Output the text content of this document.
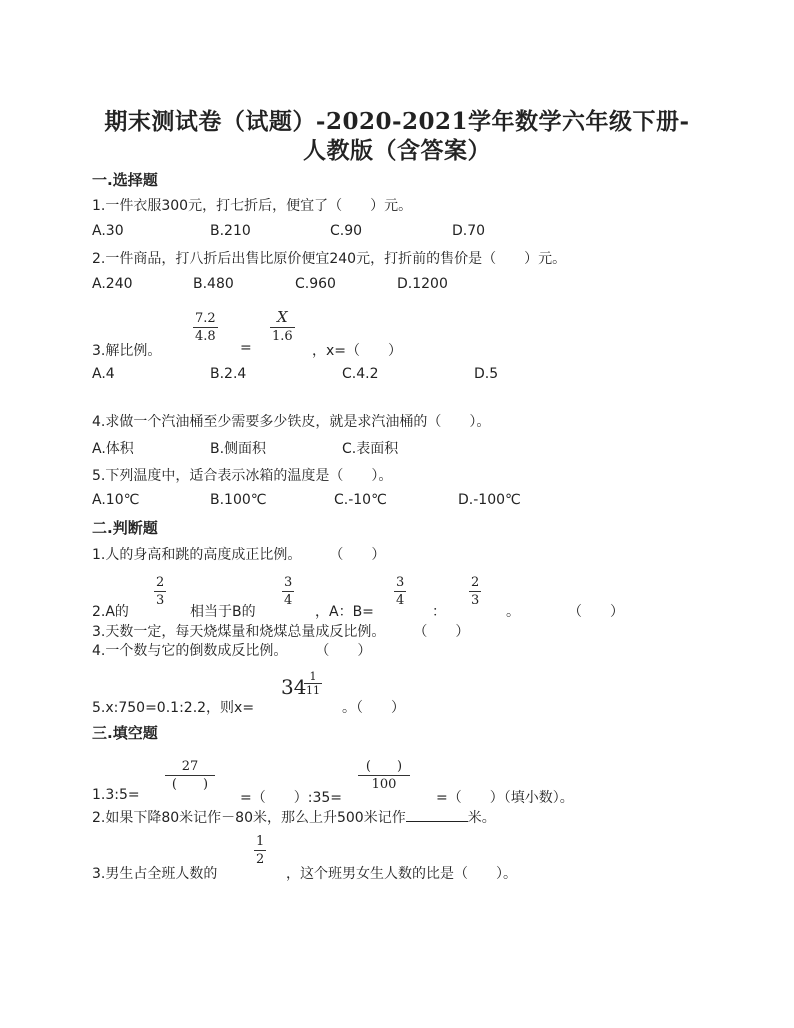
期末测试卷（试题）-2020-2021学年数学六年级下册-
人教版（含答案）
一.选择题
1.一件衣服300元，打七折后，便宜了（　　）元。
A.30	B.210	C.90	D.70
2.一件商品，打八折后出售比原价便宜240元，打折前的售价是（　　）元。
A.240	B.480	C.960	D.1200
3.解比例。
7.2
4.8
=
X
1.6
，x=（　　）
A.4	B.2.4	C.4.2	D.5
4.求做一个汽油桶至少需要多少铁皮，就是求汽油桶的（　　）。
A.体积	B.侧面积	C.表面积
5.下列温度中，适合表示冰箱的温度是（　　）。
A.10℃	B.100℃	C.-10℃	D.-100℃
二.判断题
1.人的身高和跳的高度成正比例。　　　（　　）
2.A的
2
3
相当于B的
3
4
，A：B=
3
4
：
2
3
。	（　　）
3.天数一定，每天烧煤量和烧煤总量成反比例。　　　（　　）
4.一个数与它的倒数成反比例。　　　（　　）
5.x:750=0.1:2.2，则x=
34 1
11
。（　　）
三.填空题
1.3:5=
27
(　　)
=（　　）:35=
(　　)
100
=（　　）（填小数）。
2.如果下降80米记作－80米，那么上升500米记作	米。
3.男生占全班人数的
1
2
，这个班男女生人数的比是（　　）。
